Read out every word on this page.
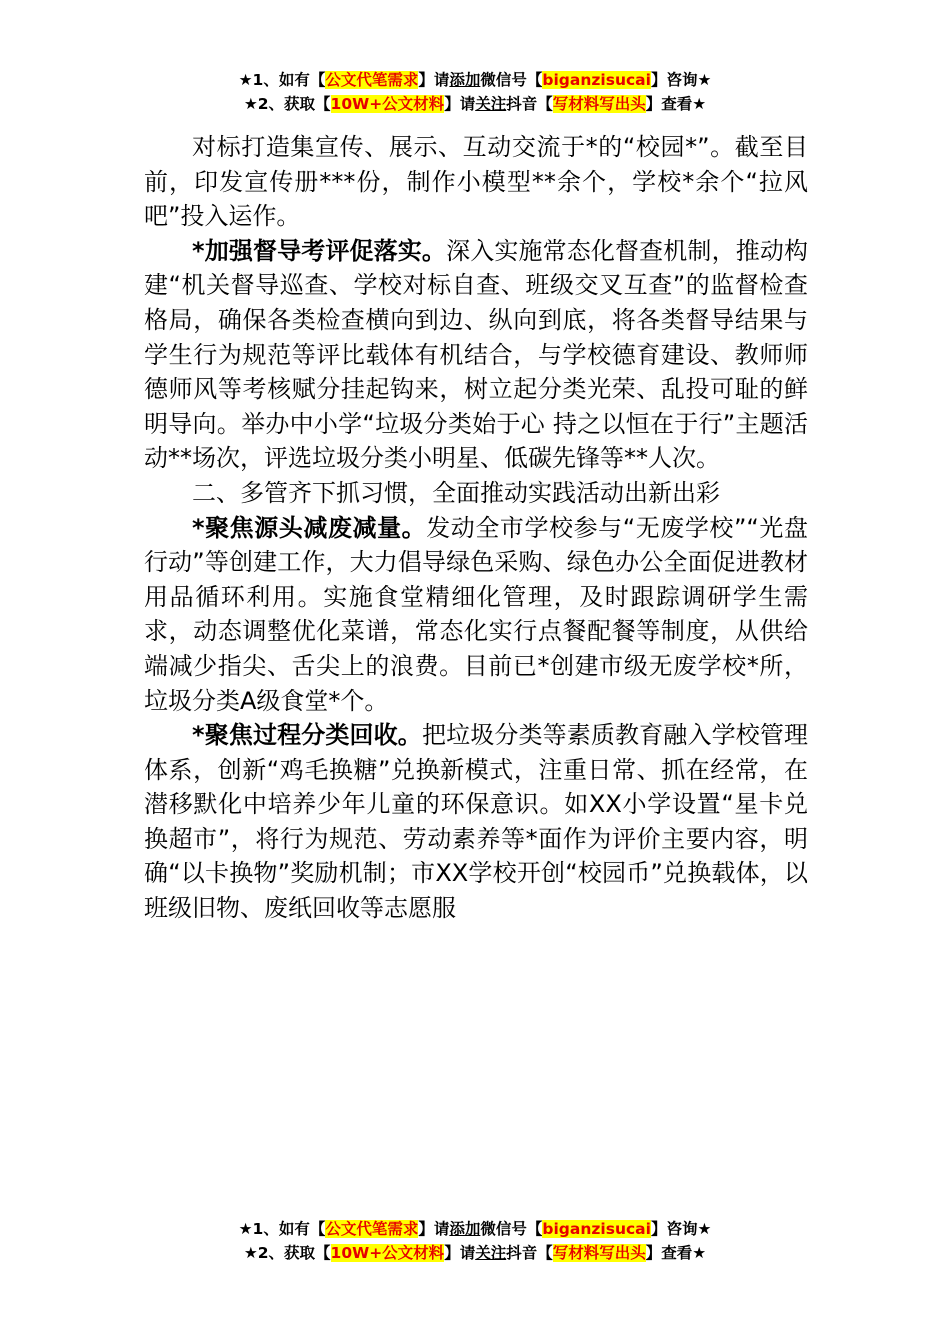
★1、如有【公文代笔需求】请添加微信号【biganzisucai】咨询★
★2、获取【10W+公文材料】请关注抖音【写材料写出头】查看★

对标打造集宣传、展示、互动交流于*的“校园*”。截至目前，印发宣传册***份，制作小模型**余个，学校*余个“拉风吧”投入运作。

*加强督导考评促落实。深入实施常态化督查机制，推动构建“机关督导巡查、学校对标自查、班级交叉互查”的监督检查格局，确保各类检查横向到边、纵向到底，将各类督导结果与学生行为规范等评比载体有机结合，与学校德育建设、教师师德师风等考核赋分挂起钩来，树立起分类光荣、乱投可耻的鲜明导向。举办中小学“垃圾分类始于心 持之以恒在于行”主题活动**场次，评选垃圾分类小明星、低碳先锋等**人次。

二、多管齐下抓习惯，全面推动实践活动出新出彩

*聚焦源头减废减量。发动全市学校参与“无废学校”“光盘行动”等创建工作，大力倡导绿色采购、绿色办公全面促进教材用品循环利用。实施食堂精细化管理，及时跟踪调研学生需求，动态调整优化菜谱，常态化实行点餐配餐等制度，从供给端减少指尖、舌尖上的浪费。目前已*创建市级无废学校*所，垃圾分类A级食堂*个。

*聚焦过程分类回收。把垃圾分类等素质教育融入学校管理体系，创新“鸡毛换糖”兑换新模式，注重日常、抓在经常，在潜移默化中培养少年儿童的环保意识。如XX小学设置“星卡兑换超市”，将行为规范、劳动素养等*面作为评价主要内容，明确“以卡换物”奖励机制；市XX学校开创“校园币”兑换载体，以班级旧物、废纸回收等志愿服

★1、如有【公文代笔需求】请添加微信号【biganzisucai】咨询★
★2、获取【10W+公文材料】请关注抖音【写材料写出头】查看★
